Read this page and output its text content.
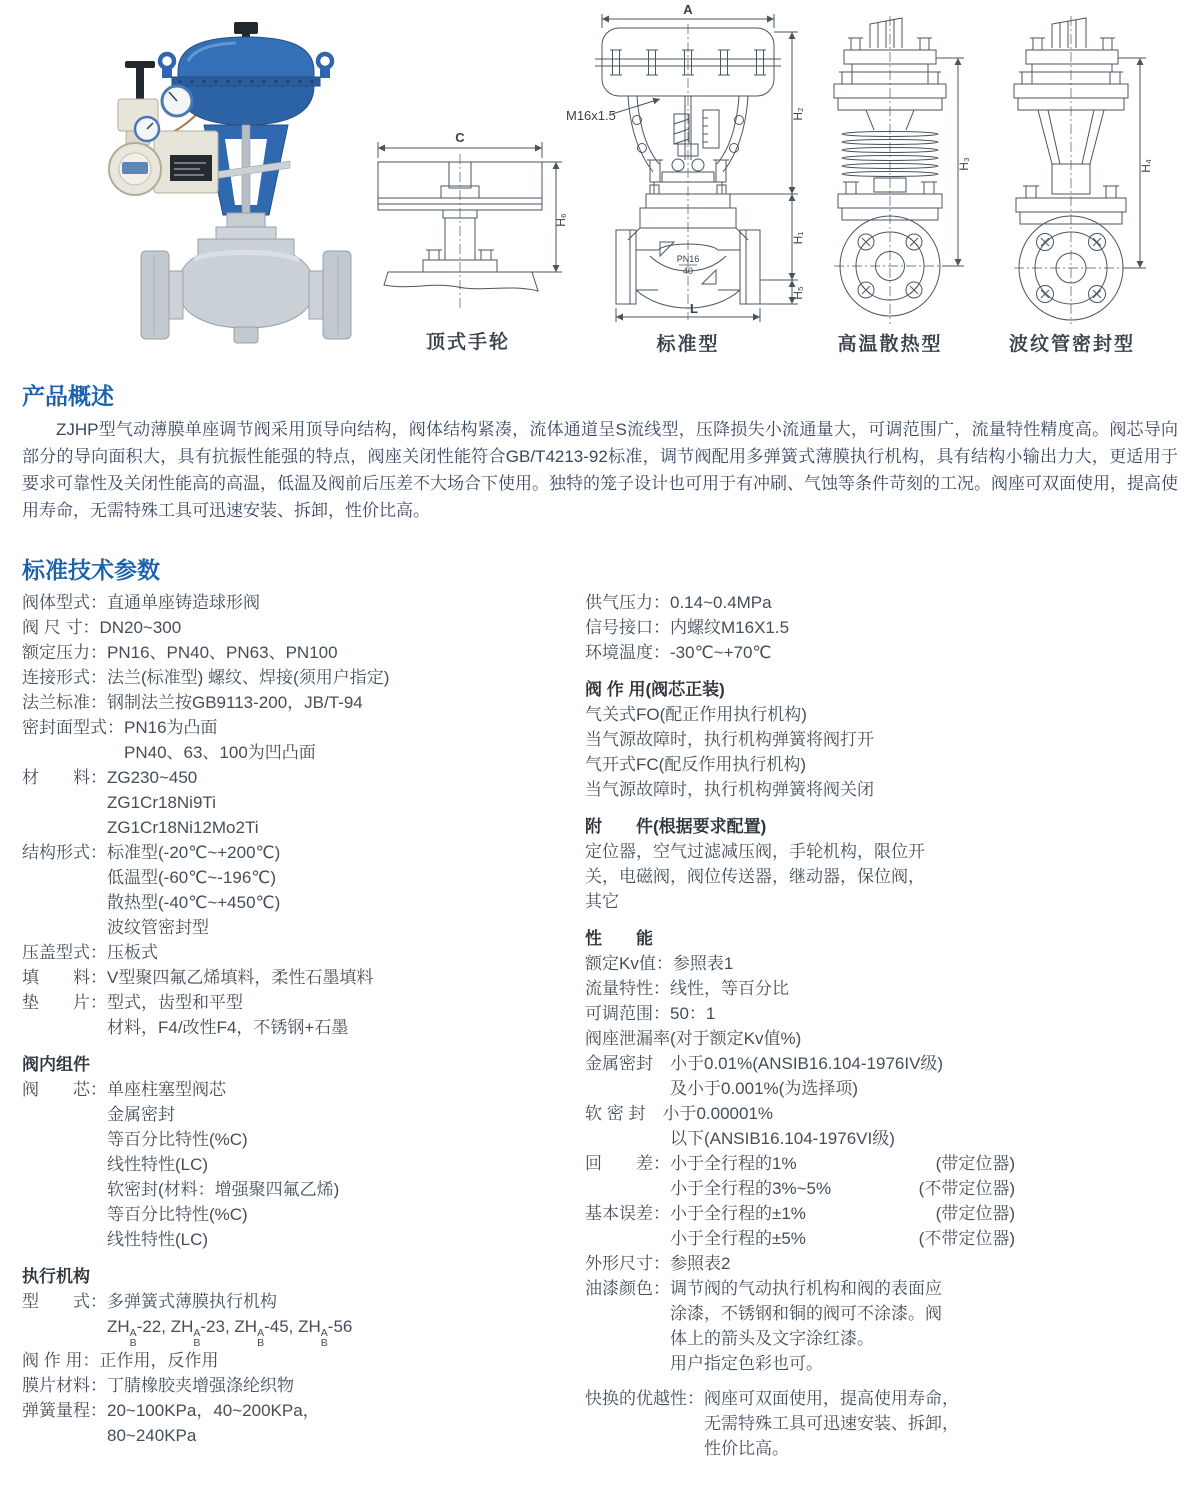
C
H₆
顶式手轮
A
M16x1.5
PN16
40
L
H₂
H₁
H₅
标准型
H₃
高温散热型
H₄
波纹管密封型
产品概述

ZJHP型气动薄膜单座调节阀采用顶导向结构，阀体结构紧凑，流体通道呈S流线型，压降损失小流通量大，可调范围广，流量特性精度高。阀芯导向部分的导向面积大，具有抗振性能强的特点，阀座关闭性能符合GB/T4213-92标准，调节阀配用多弹簧式薄膜执行机构，具有结构小输出力大，更适用于要求可靠性及关闭性能高的高温，低温及阀前后压差不大场合下使用。独特的笼子设计也可用于有冲刷、气蚀等条件苛刻的工况。阀座可双面使用，提高使用寿命，无需特殊工具可迅速安装、拆卸，性价比高。

标准技术参数
阀体型式：直通单座铸造球形阀
阀 尺 寸：DN20~300
额定压力：PN16、PN40、PN63、PN100
连接形式：法兰(标准型) 螺纹、焊接(须用户指定)
法兰标准：钢制法兰按GB9113-200，JB/T-94
密封面型式：PN16为凸面
　　　　　　PN40、63、100为凹凸面
材　　料：ZG230~450
　　　　　ZG1Cr18Ni9Ti
　　　　　ZG1Cr18Ni12Mo2Ti
结构形式：标准型(-20℃~+200℃)
　　　　　低温型(-60℃~-196℃)
　　　　　散热型(-40℃~+450℃)
　　　　　波纹管密封型
压盖型式：压板式
填　　料：V型聚四氟乙烯填料，柔性石墨填料
垫　　片：型式，齿型和平型
　　　　　材料，F4/改性F4，不锈钢+石墨
阀内组件
阀　　芯：单座柱塞型阀芯
　　　　　金属密封
　　　　　等百分比特性(%C)
　　　　　线性特性(LC)
　　　　　软密封(材料：增强聚四氟乙烯)
　　　　　等百分比特性(%C)
　　　　　线性特性(LC)
执行机构
型　　式：多弹簧式薄膜执行机构
　　　　　ZH A
B
-22, ZH A
B
-23, ZH A
B
-45, ZH A
B
-56
阀 作 用：正作用，反作用
膜片材料：丁腈橡胶夹增强涤纶织物
弹簧量程：20~100KPa，40~200KPa，
　　　　　80~240KPa
供气压力：0.14~0.4MPa
信号接口：内螺纹M16X1.5
环境温度：-30℃~+70℃
阀 作 用(阀芯正装)
气关式FO(配正作用执行机构)
当气源故障时，执行机构弹簧将阀打开
气开式FC(配反作用执行机构)
当气源故障时，执行机构弹簧将阀关闭
附　　件(根据要求配置)
定位器，空气过滤减压阀，手轮机构，限位开
关，电磁阀，阀位传送器，继动器，保位阀，
其它
性　　能
额定Kv值：参照表1
流量特性：线性，等百分比
可调范围：50：1
阀座泄漏率(对于额定Kv值%)
金属密封　小于0.01%(ANSIB16.104-1976IV级)
　　　　　及小于0.001%(为选择项)
软 密 封　小于0.00001%
　　　　　以下(ANSIB16.104-1976VI级)
回　　差：小于全行程的1%	(带定位器)
　　　　　小于全行程的3%~5%	(不带定位器)
基本误差：小于全行程的±1%	(带定位器)
　　　　　小于全行程的±5%	(不带定位器)
外形尺寸：参照表2
油漆颜色：调节阀的气动执行机构和阀的表面应
　　　　　涂漆，不锈钢和铜的阀可不涂漆。阀
　　　　　体上的箭头及文字涂红漆。
　　　　　用户指定色彩也可。
快换的优越性：阀座可双面使用，提高使用寿命，
　　　　　　　无需特殊工具可迅速安装、拆卸，
　　　　　　　性价比高。
